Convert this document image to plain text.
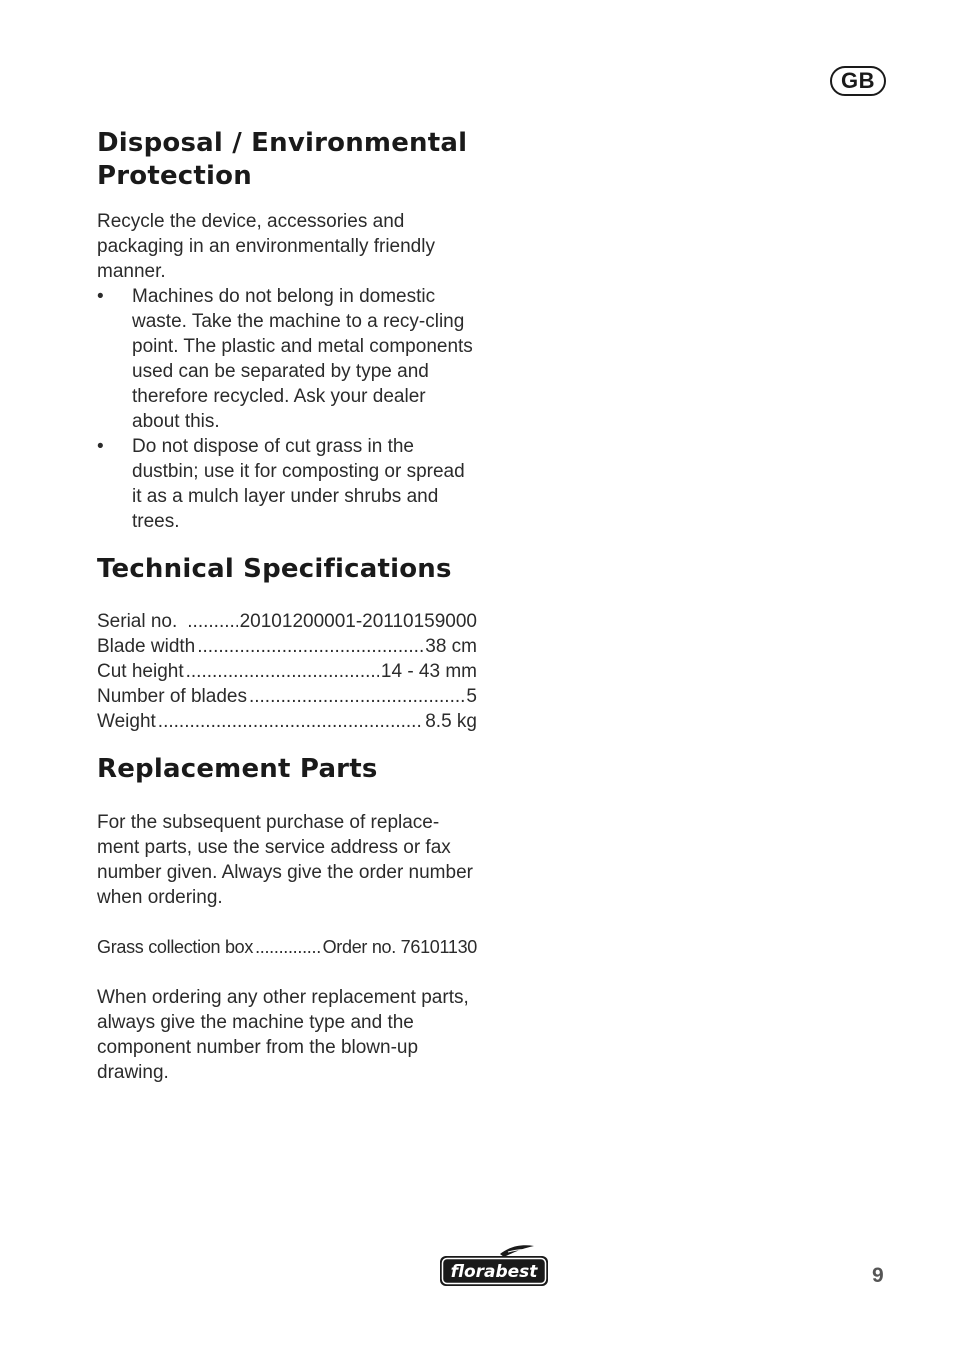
GB
Disposal / Environmental
Protection

Recycle the device, accessories and packaging in an environmentally friendly manner.

• Machines do not belong in domestic waste. Take the machine to a recy-cling point. The plastic and metal components used can be separated by type and therefore recycled. Ask your dealer about this.
• Do not dispose of cut grass in the dustbin; use it for composting or spread it as a mulch layer under shrubs and trees.
Technical Specifications
Serial no. .....	20101200001-20110159000
Blade width .....	38 cm
Cut height .....	14 - 43 mm
Number of blades .....	5
Weight .....	8.5 kg
Replacement Parts

For the subsequent purchase of replace-ment parts, use the service address or fax number given. Always give the order number when ordering.

Grass collection box .....	Order no. 76101130

When ordering any other replacement parts, always give the machine type and the component number from the blown-up drawing.

florabest	9
